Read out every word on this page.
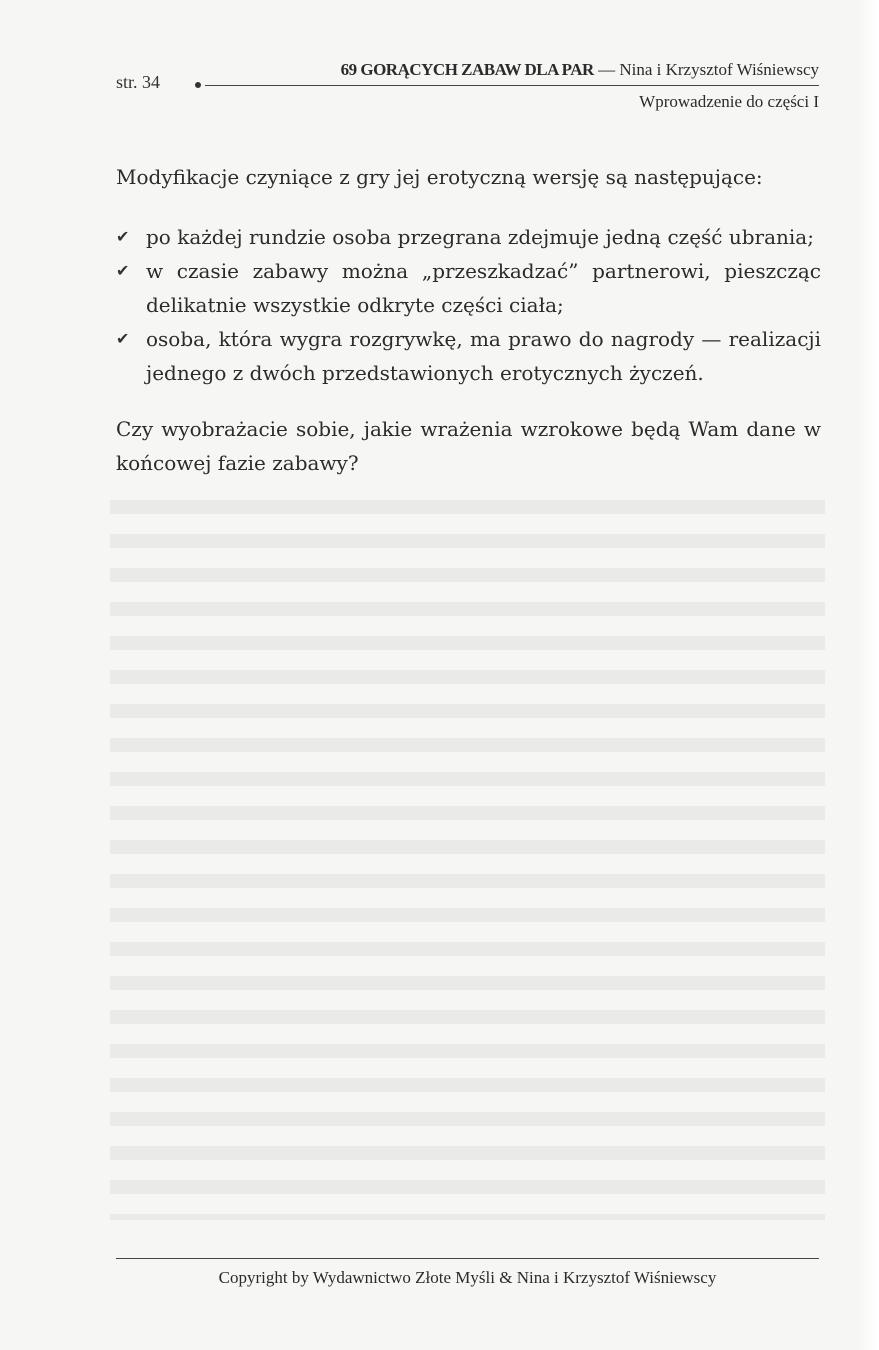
str. 34
69 GORĄCYCH ZABAW DLA PAR — Nina i Krzysztof Wiśniewscy
Wprowadzenie do części I

Modyfikacje czyniące z gry jej erotyczną wersję są następujące:

✔ po każdej rundzie osoba przegrana zdejmuje jedną część ubrania;
✔ w czasie zabawy można „przeszkadzać” partnerowi, pieszcząc delikatnie wszystkie odkryte części ciała;
✔ osoba, która wygra rozgrywkę, ma prawo do nagrody — realizacji jednego z dwóch przedstawionych erotycznych życzeń.

Czy wyobrażacie sobie, jakie wrażenia wzrokowe będą Wam dane w końcowej fazie zabawy?

Copyright by Wydawnictwo Złote Myśli & Nina i Krzysztof Wiśniewscy
